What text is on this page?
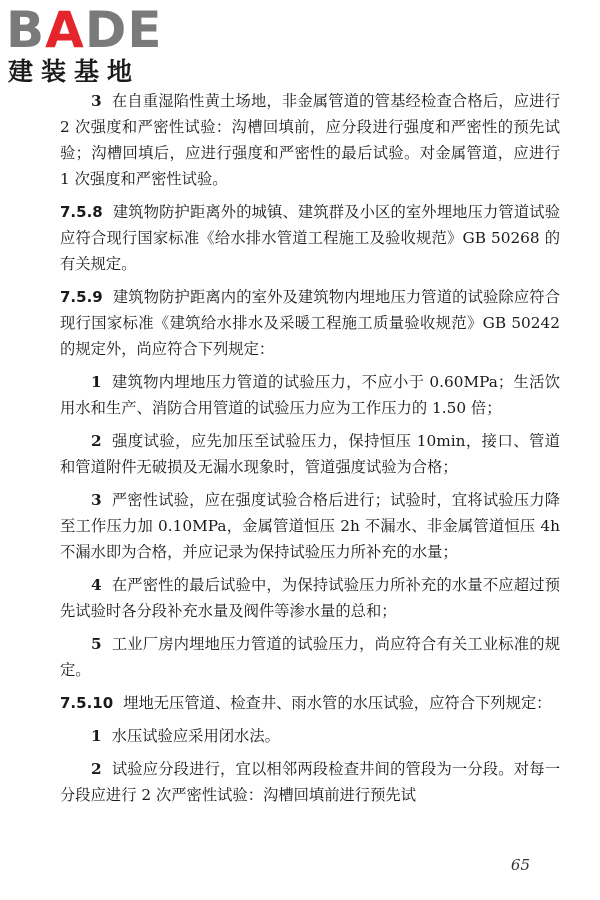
BADE
建装基地

3 在自重湿陷性黄土场地，非金属管道的管基经检查合格后，应进行 2 次强度和严密性试验：沟槽回填前，应分段进行强度和严密性的预先试验；沟槽回填后，应进行强度和严密性的最后试验。对金属管道，应进行 1 次强度和严密性试验。

7.5.8 建筑物防护距离外的城镇、建筑群及小区的室外埋地压力管道试验应符合现行国家标准《给水排水管道工程施工及验收规范》GB 50268 的有关规定。

7.5.9 建筑物防护距离内的室外及建筑物内埋地压力管道的试验除应符合现行国家标准《建筑给水排水及采暖工程施工质量验收规范》GB 50242 的规定外，尚应符合下列规定：

1 建筑物内埋地压力管道的试验压力，不应小于 0.60MPa；生活饮用水和生产、消防合用管道的试验压力应为工作压力的 1.50 倍；

2 强度试验，应先加压至试验压力，保持恒压 10min，接口、管道和管道附件无破损及无漏水现象时，管道强度试验为合格；

3 严密性试验，应在强度试验合格后进行；试验时，宜将试验压力降至工作压力加 0.10MPa，金属管道恒压 2h 不漏水、非金属管道恒压 4h 不漏水即为合格，并应记录为保持试验压力所补充的水量；

4 在严密性的最后试验中，为保持试验压力所补充的水量不应超过预先试验时各分段补充水量及阀件等渗水量的总和；

5 工业厂房内埋地压力管道的试验压力，尚应符合有关工业标准的规定。

7.5.10 埋地无压管道、检查井、雨水管的水压试验，应符合下列规定：

1 水压试验应采用闭水法。

2 试验应分段进行，宜以相邻两段检查井间的管段为一分段。对每一分段应进行 2 次严密性试验：沟槽回填前进行预先试

65
